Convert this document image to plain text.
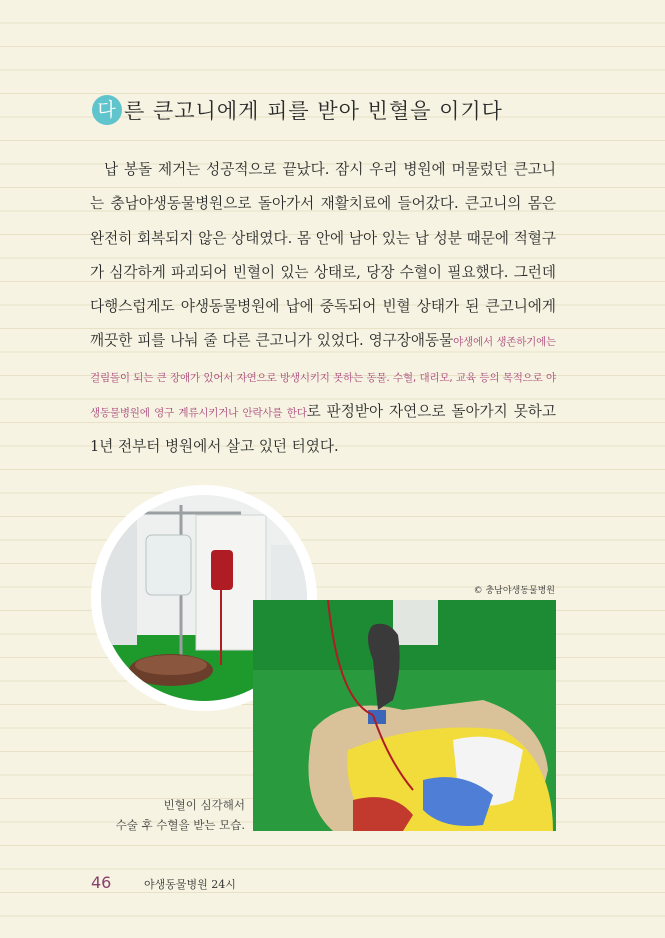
다 른 큰고니에게 피를 받아 빈혈을 이기다

납 봉돌 제거는 성공적으로 끝났다. 잠시 우리 병원에 머물렀던 큰고니는 충남야생동물병원으로 돌아가서 재활치료에 들어갔다. 큰고니의 몸은 완전히 회복되지 않은 상태였다. 몸 안에 남아 있는 납 성분 때문에 적혈구가 심각하게 파괴되어 빈혈이 있는 상태로, 당장 수혈이 필요했다. 그런데 다행스럽게도 야생동물병원에 납에 중독되어 빈혈 상태가 된 큰고니에게 깨끗한 피를 나눠 줄 다른 큰고니가 있었다. 영구장애동물야생에서 생존하기에는 걸림돌이 되는 큰 장애가 있어서 자연으로 방생시키지 못하는 동물. 수혈, 대리모, 교육 등의 목적으로 야생동물병원에 영구 계류시키거나 안락사를 한다로 판정받아 자연으로 돌아가지 못하고 1년 전부터 병원에서 살고 있던 터였다.

© 충남야생동물병원
빈혈이 심각해서
수술 후 수혈을 받는 모습.
46	야생동물병원 24시
